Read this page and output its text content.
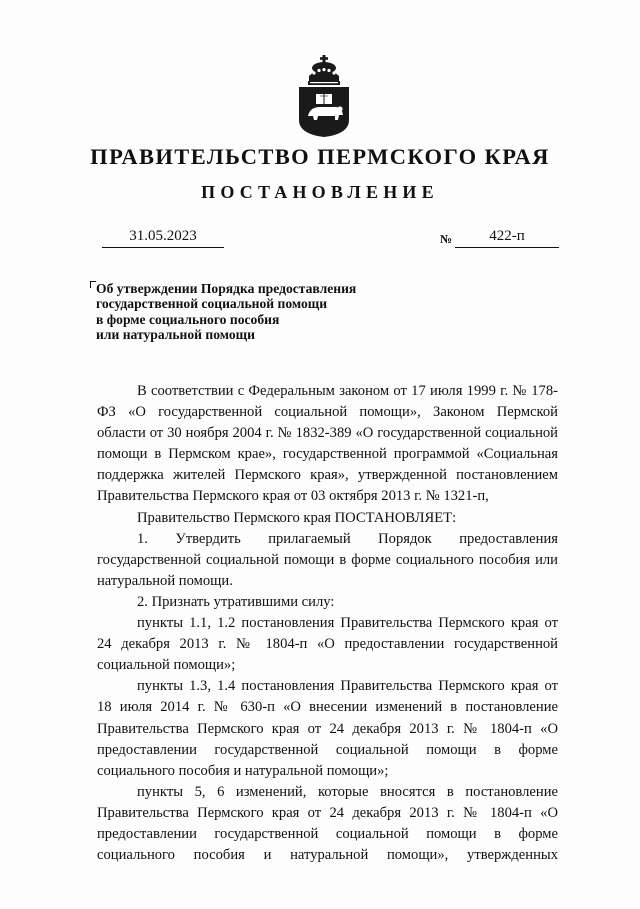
ПРАВИТЕЛЬСТВО ПЕРМСКОГО КРАЯ
ПОСТАНОВЛЕНИЕ
31.05.2023	№	422-п
Об утверждении Порядка предоставления
государственной социальной помощи
в форме социального пособия
или натуральной помощи

В соответствии с Федеральным законом от 17 июля 1999 г. № 178-ФЗ «О государственной социальной помощи», Законом Пермской области от 30 ноября 2004 г. № 1832-389 «О государственной социальной помощи в Пермском крае», государственной программой «Социальная поддержка жителей Пермского края», утвержденной постановлением Правительства Пермского края от 03 октября 2013 г. № 1321-п,

Правительство Пермского края ПОСТАНОВЛЯЕТ:

1. Утвердить прилагаемый Порядок предоставления государственной социальной помощи в форме социального пособия или натуральной помощи.

2. Признать утратившими силу:

пункты 1.1, 1.2 постановления Правительства Пермского края от 24 декабря 2013 г. № 1804-п «О предоставлении государственной социальной помощи»;

пункты 1.3, 1.4 постановления Правительства Пермского края от 18 июля 2014 г. № 630-п «О внесении изменений в постановление Правительства Пермского края от 24 декабря 2013 г. № 1804-п «О предоставлении государственной социальной помощи в форме социального пособия и натуральной помощи»;

пункты 5, 6 изменений, которые вносятся в постановление Правительства Пермского края от 24 декабря 2013 г. № 1804-п «О предоставлении государственной социальной помощи в форме социального пособия и натуральной помощи», утвержденных
